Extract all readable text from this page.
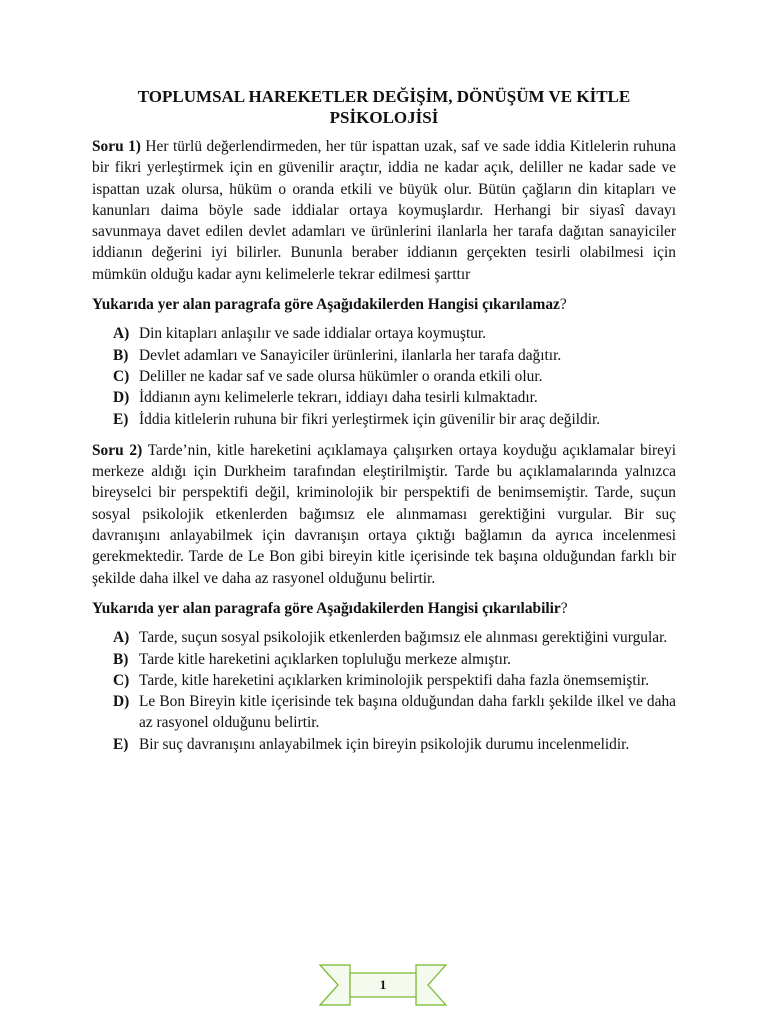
TOPLUMSAL HAREKETLER DEĞİŞİM, DÖNÜŞÜM VE KİTLE PSİKOLOJİSİ

Soru 1) Her türlü değerlendirmeden, her tür ispattan uzak, saf ve sade iddia Kitlelerin ruhuna bir fikri yerleştirmek için en güvenilir araçtır, iddia ne kadar açık, deliller ne kadar sade ve ispattan uzak olursa, hüküm o oranda etkili ve büyük olur. Bütün çağların din kitapları ve kanunları daima böyle sade iddialar ortaya koymuşlardır. Herhangi bir siyasî davayı savunmaya davet edilen devlet adamları ve ürünlerini ilanlarla her tarafa dağıtan sanayiciler iddianın değerini iyi bilirler. Bununla beraber iddianın gerçekten tesirli olabilmesi için mümkün olduğu kadar aynı kelimelerle tekrar edilmesi şarttır

Yukarıda yer alan paragrafa göre Aşağıdakilerden Hangisi çıkarılamaz?

A) Din kitapları anlaşılır ve sade iddialar ortaya koymuştur.
B) Devlet adamları ve Sanayiciler ürünlerini, ilanlarla her tarafa dağıtır.
C) Deliller ne kadar saf ve sade olursa hükümler o oranda etkili olur.
D) İddianın aynı kelimelerle tekrarı, iddiayı daha tesirli kılmaktadır.
E) İddia kitlelerin ruhuna bir fikri yerleştirmek için güvenilir bir araç değildir.

Soru 2) Tarde’nin, kitle hareketini açıklamaya çalışırken ortaya koyduğu açıklamalar bireyi merkeze aldığı için Durkheim tarafından eleştirilmiştir. Tarde bu açıklamalarında yalnızca bireyselci bir perspektifi değil, kriminolojik bir perspektifi de benimsemiştir. Tarde, suçun sosyal psikolojik etkenlerden bağımsız ele alınmaması gerektiğini vurgular. Bir suç davranışını anlayabilmek için davranışın ortaya çıktığı bağlamın da ayrıca incelenmesi gerekmektedir. Tarde de Le Bon gibi bireyin kitle içerisinde tek başına olduğundan farklı bir şekilde daha ilkel ve daha az rasyonel olduğunu belirtir.

Yukarıda yer alan paragrafa göre Aşağıdakilerden Hangisi çıkarılabilir?

A) Tarde, suçun sosyal psikolojik etkenlerden bağımsız ele alınması gerektiğini vurgular.
B) Tarde kitle hareketini açıklarken topluluğu merkeze almıştır.
C) Tarde, kitle hareketini açıklarken kriminolojik perspektifi daha fazla önemsemiştir.
D) Le Bon Bireyin kitle içerisinde tek başına olduğundan daha farklı şekilde ilkel ve daha az rasyonel olduğunu belirtir.
E) Bir suç davranışını anlayabilmek için bireyin psikolojik durumu incelenmelidir.
1
